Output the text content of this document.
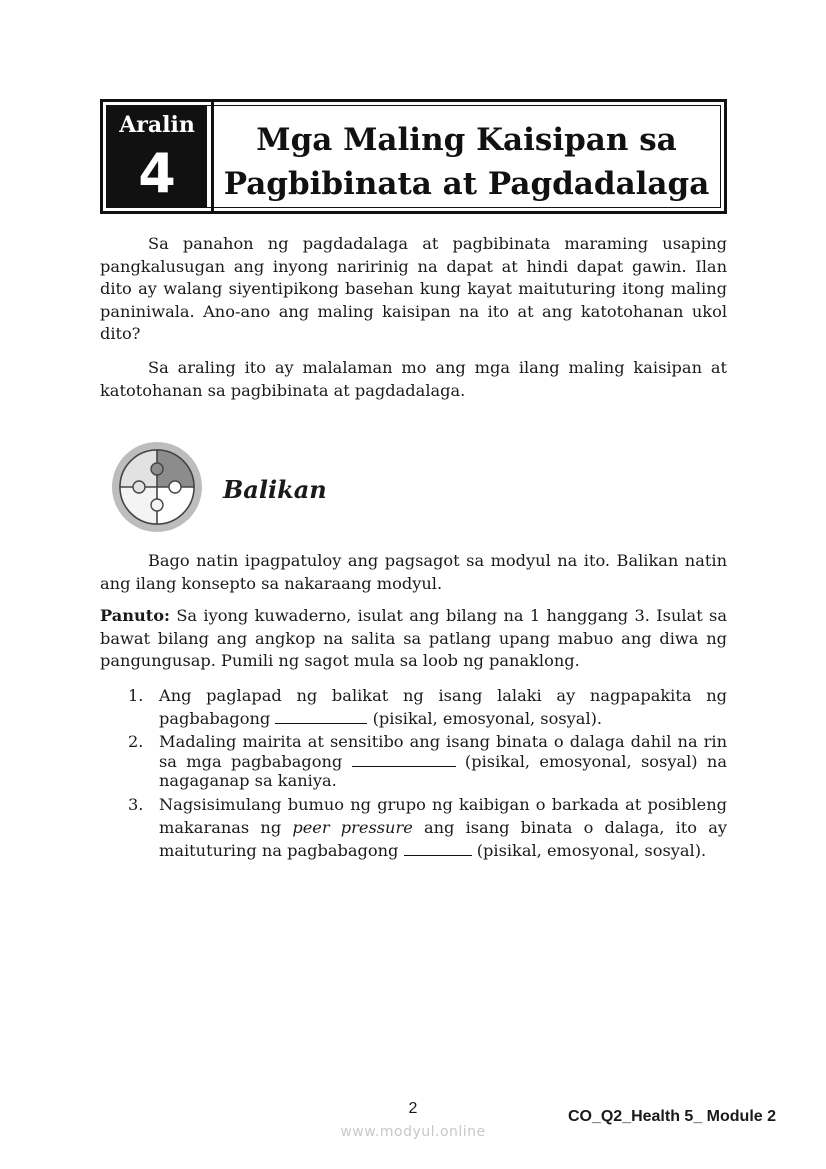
Aralin
4
Mga Maling Kaisipan sa
Pagbibinata at Pagdadalaga

Sa panahon ng pagdadalaga at pagbibinata maraming usaping pangkalusugan ang inyong naririnig na dapat at hindi dapat gawin. Ilan dito ay walang siyentipikong basehan kung kayat maituturing itong maling paniniwala. Ano-ano ang maling kaisipan na ito at ang katotohanan ukol dito?

Sa araling ito ay malalaman mo ang mga ilang maling kaisipan at katotohanan sa pagbibinata at pagdadalaga.

Balikan

Bago natin ipagpatuloy ang pagsagot sa modyul na ito. Balikan natin ang ilang konsepto sa nakaraang modyul.

Panuto: Sa iyong kuwaderno, isulat ang bilang na 1 hanggang 3. Isulat sa bawat bilang ang angkop na salita sa patlang upang mabuo ang diwa ng pangungusap. Pumili ng sagot mula sa loob ng panaklong.

1. Ang paglapad ng balikat ng isang lalaki ay nagpapakita ng pagbabagong	(pisikal, emosyonal, sosyal).
2. Madaling mairita at sensitibo ang isang binata o dalaga dahil na rin sa mga pagbabagong	(pisikal, emosyonal, sosyal) na nagaganap sa kaniya.
3. Nagsisimulang bumuo ng grupo ng kaibigan o barkada at posibleng makaranas ng peer pressure ang isang binata o dalaga, ito ay maituturing na pagbabagong	(pisikal, emosyonal, sosyal).
2
www.modyul.online
CO_Q2_Health 5_ Module 2
